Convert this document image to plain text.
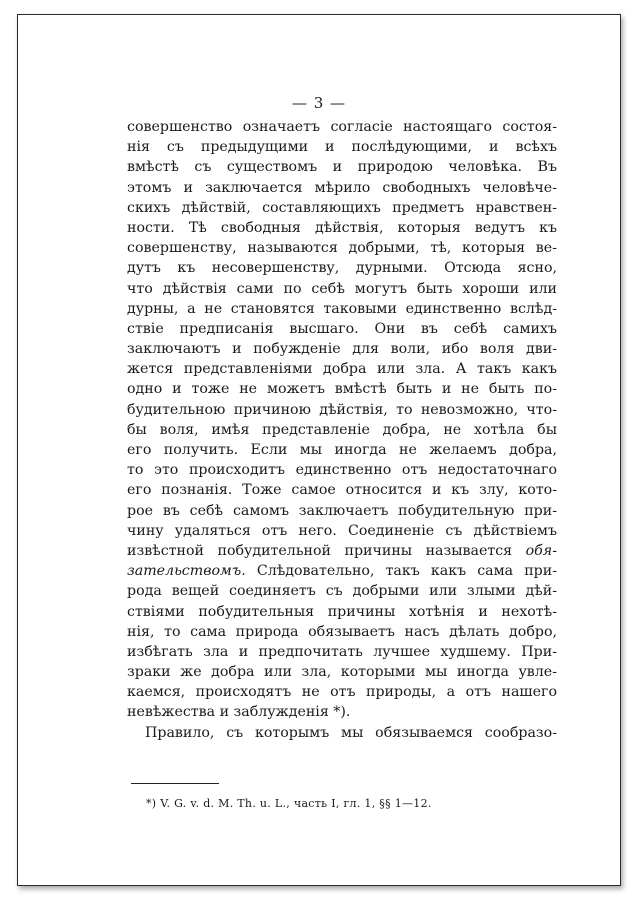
— 3 —
совершенство означаетъ согласіе настоящаго состоя-
нія съ предыдущими и послѣдующими, и всѣхъ
вмѣстѣ съ существомъ и природою человѣка. Въ
этомъ и заключается мѣрило свободныхъ человѣче-
скихъ дѣйствій, составляющихъ предметъ нравствен-
ности. Тѣ свободныя дѣйствія, которыя ведутъ къ
совершенству, называются добрыми, тѣ, которыя ве-
дутъ къ несовершенству, дурными. Отсюда ясно,
что дѣйствія сами по себѣ могутъ быть хороши или
дурны, а не становятся таковыми единственно вслѣд-
ствіе предписанія высшаго. Они въ себѣ самихъ
заключаютъ и побужденіе для воли, ибо воля дви-
жется представленіями добра или зла. А такъ какъ
одно и тоже не можетъ вмѣстѣ быть и не быть по-
будительною причиною дѣйствія, то невозможно, что-
бы воля, имѣя представленіе добра, не хотѣла бы
его получить. Если мы иногда не желаемъ добра,
то это происходитъ единственно отъ недостаточнаго
его познанія. Тоже самое относится и къ злу, кото-
рое въ себѣ самомъ заключаетъ побудительную при-
чину удаляться отъ него. Соединеніе съ дѣйствіемъ
извѣстной побудительной причины называется обя-
зательствомъ. Слѣдовательно, такъ какъ сама при-
рода вещей соединяетъ съ добрыми или злыми дѣй-
ствіями побудительныя причины хотѣнія и нехотѣ-
нія, то сама природа обязываетъ насъ дѣлать добро,
избѣгать зла и предпочитать лучшее худшему. При-
зраки же добра или зла, которыми мы иногда увле-
каемся, происходятъ не отъ природы, а отъ нашего
невѣжества и заблужденія *).
Правило, съ которымъ мы обязываемся сообразо-
*) V. G. v. d. M. Th. u. L., часть I, гл. 1, §§ 1—12.
